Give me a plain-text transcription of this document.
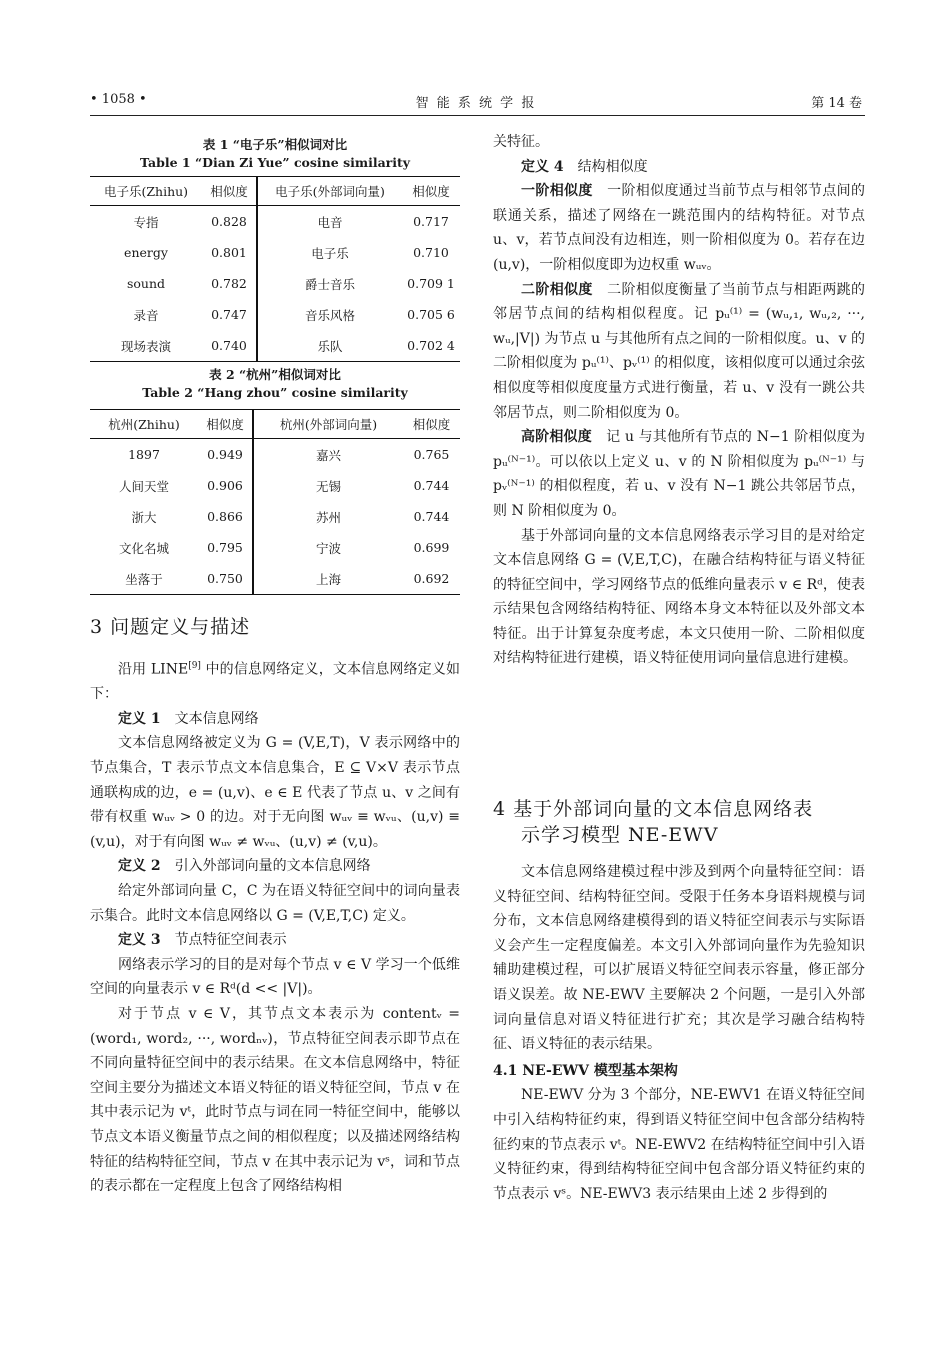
• 1058 •	智 能 系 统 学 报	第 14 卷
表 1 “电子乐”相似词对比
Table 1 “Dian Zi Yue” cosine similarity
电子乐(Zhihu)	相似度	电子乐(外部词向量)	相似度
专指	0.828	电音	0.717
energy	0.801	电子乐	0.710
sound	0.782	爵士音乐	0.709 1
录音	0.747	音乐风格	0.705 6
现场表演	0.740	乐队	0.702 4
表 2 “杭州”相似词对比
Table 2 “Hang zhou” cosine similarity
杭州(Zhihu)	相似度	杭州(外部词向量)	相似度
1897	0.949	嘉兴	0.765
人间天堂	0.906	无锡	0.744
浙大	0.866	苏州	0.744
文化名城	0.795	宁波	0.699
坐落于	0.750	上海	0.692
3 问题定义与描述

沿用 LINE[9] 中的信息网络定义，文本信息网络定义如下：

定义 1　 文本信息网络

文本信息网络被定义为 G = (V,E,T)，V 表示网络中的节点集合，T 表示节点文本信息集合，E ⊆ V×V 表示节点通联构成的边，e = (u,v)、e ∈ E 代表了节点 u、v 之间有带有权重 wᵤᵥ > 0 的边。对于无向图 wᵤᵥ ≡ wᵥᵤ、(u,v) ≡ (v,u)，对于有向图 wᵤᵥ ≠ wᵥᵤ、(u,v) ≠ (v,u)。

定义 2　 引入外部词向量的文本信息网络

给定外部词向量 C，C 为在语义特征空间中的词向量表示集合。此时文本信息网络以 G = (V,E,T,C) 定义。

定义 3　 节点特征空间表示

网络表示学习的目的是对每个节点 v ∈ V 学习一个低维空间的向量表示 v ∈ Rᵈ(d << |V|)。

对于节点 v ∈ V，其节点文本表示为 contentᵥ = (word₁, word₂, ···, wordₙᵥ)，节点特征空间表示即节点在不同向量特征空间中的表示结果。在文本信息网络中，特征空间主要分为描述文本语义特征的语义特征空间，节点 v 在其中表示记为 vᵗ，此时节点与词在同一特征空间中，能够以节点文本语义衡量节点之间的相似程度；以及描述网络结构特征的结构特征空间，节点 v 在其中表示记为 vˢ，词和节点的表示都在一定程度上包含了网络结构相

关特征。

定义 4　 结构相似度

一阶相似度　 一阶相似度通过当前节点与相邻节点间的联通关系，描述了网络在一跳范围内的结构特征。对节点 u、v，若节点间没有边相连，则一阶相似度为 0。若存在边 (u,v)，一阶相似度即为边权重 wᵤᵥ。

二阶相似度　 二阶相似度衡量了当前节点与相距两跳的邻居节点间的结构相似程度。记 pᵤ⁽¹⁾ = (wᵤ,₁, wᵤ,₂, ···, wᵤ,|V|) 为节点 u 与其他所有点之间的一阶相似度。u、v 的二阶相似度为 pᵤ⁽¹⁾、pᵥ⁽¹⁾ 的相似度，该相似度可以通过余弦相似度等相似度度量方式进行衡量，若 u、v 没有一跳公共邻居节点，则二阶相似度为 0。

高阶相似度　 记 u 与其他所有节点的 N−1 阶相似度为 pᵤ⁽ᴺ⁻¹⁾。可以依以上定义 u、v 的 N 阶相似度为 pᵤ⁽ᴺ⁻¹⁾ 与 pᵥ⁽ᴺ⁻¹⁾ 的相似程度，若 u、v 没有 N−1 跳公共邻居节点，则 N 阶相似度为 0。

基于外部词向量的文本信息网络表示学习目的是对给定文本信息网络 G = (V,E,T,C)，在融合结构特征与语义特征的特征空间中，学习网络节点的低维向量表示 v ∈ Rᵈ，使表示结果包含网络结构特征、网络本身文本特征以及外部文本特征。出于计算复杂度考虑，本文只使用一阶、二阶相似度对结构特征进行建模，语义特征使用词向量信息进行建模。

4 基于外部词向量的文本信息网络表
示学习模型 NE-EWV

文本信息网络建模过程中涉及到两个向量特征空间：语义特征空间、结构特征空间。受限于任务本身语料规模与词分布，文本信息网络建模得到的语义特征空间表示与实际语义会产生一定程度偏差。本文引入外部词向量作为先验知识辅助建模过程，可以扩展语义特征空间表示容量，修正部分语义误差。故 NE-EWV 主要解决 2 个问题，一是引入外部词向量信息对语义特征进行扩充；其次是学习融合结构特征、语义特征的表示结果。

4.1 NE-EWV 模型基本架构

NE-EWV 分为 3 个部分，NE-EWV1 在语义特征空间中引入结构特征约束，得到语义特征空间中包含部分结构特征约束的节点表示 vᵗ。NE-EWV2 在结构特征空间中引入语义特征约束，得到结构特征空间中包含部分语义特征约束的节点表示 vˢ。NE-EWV3 表示结果由上述 2 步得到的
